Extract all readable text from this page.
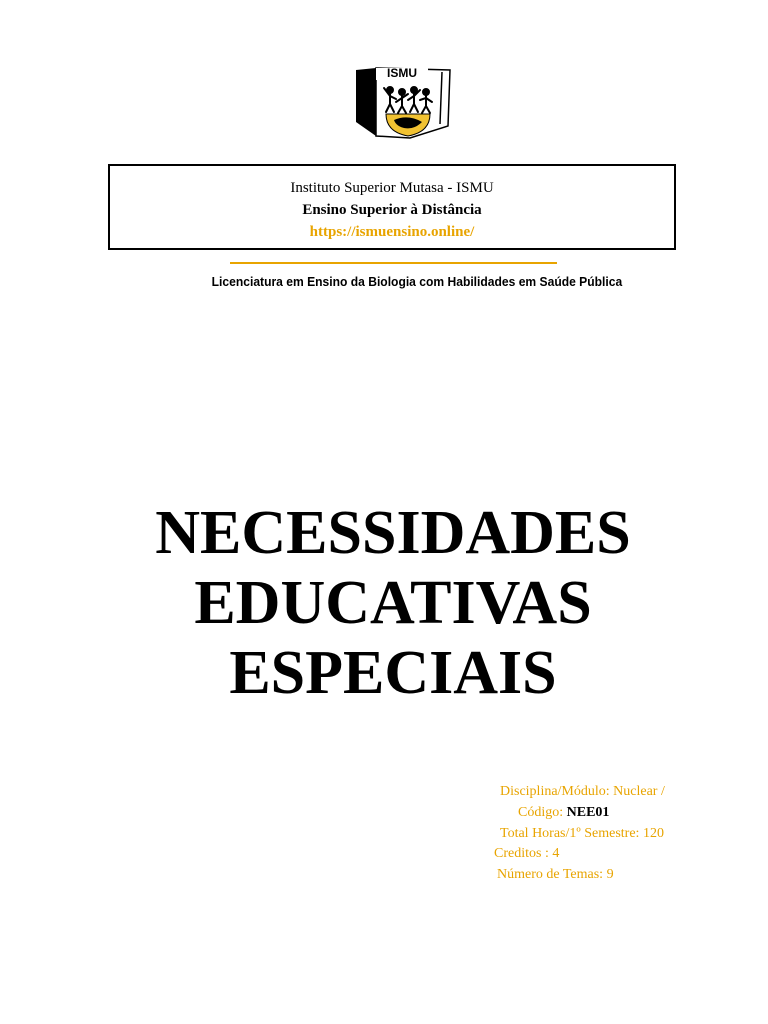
ISMU
Instituto Superior Mutasa - ISMU
Ensino Superior à Distância
https://ismuensino.online/
Licenciatura em Ensino da Biologia com Habilidades em Saúde Pública
NECESSIDADES
EDUCATIVAS
ESPECIAIS
Disciplina/Módulo: Nuclear /
Código: NEE01
Total Horas/1º Semestre: 120
Creditos : 4
Número de Temas: 9
